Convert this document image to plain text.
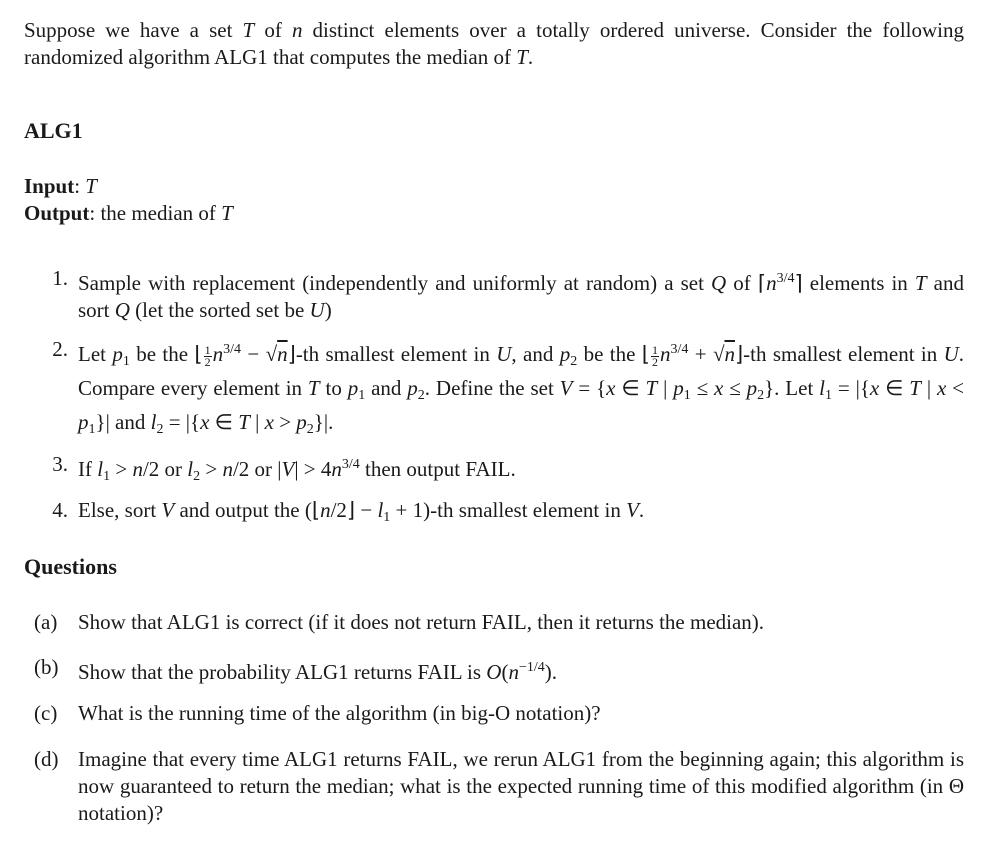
Suppose we have a set T of n distinct elements over a totally ordered universe. Consider the following randomized algorithm ALG1 that computes the median of T.

ALG1
Input: T
Output: the median of T
1. Sample with replacement (independently and uniformly at random) a set Q of $⌈n^{3/4}⌉$ elements in T and sort Q (let the sorted set be U)
2. Let $p_1$ be the ⌊ $\frac{1}{2} n^{3/4}$ − √n⌋-th smallest element in U, and $p_2$ be the ⌊ $\frac{1}{2} n^{3/4}$ + √n⌋-th smallest element in U. Compare every element in T to $p_1$ and $p_2$. Define the set V = {x ∈ T | $p_1 \le x \le p_2$}. Let $l_1 = |\{x$ ∈ T | $x < p_1\}|$ and $l_2 = |\{x$ ∈ T | $x > p_2\}|$.
3. If $l_1 > n/2$ or $l_2 > n/2$ or $|V| > 4n^{3/4}$ then output FAIL.
4. Else, sort V and output the (⌊n/2⌋ − $l_1 + 1)-th$ smallest element in V.
Questions
(a) Show that ALG1 is correct (if it does not return FAIL, then it returns the median).
(b) Show that the probability ALG1 returns FAIL is $O(n^{-1/4})$.
(c) What is the running time of the algorithm (in big-O notation)?
(d) Imagine that every time ALG1 returns FAIL, we rerun ALG1 from the beginning again; this algorithm is now guaranteed to return the median; what is the expected running time of this modified algorithm (in Θ notation)?
